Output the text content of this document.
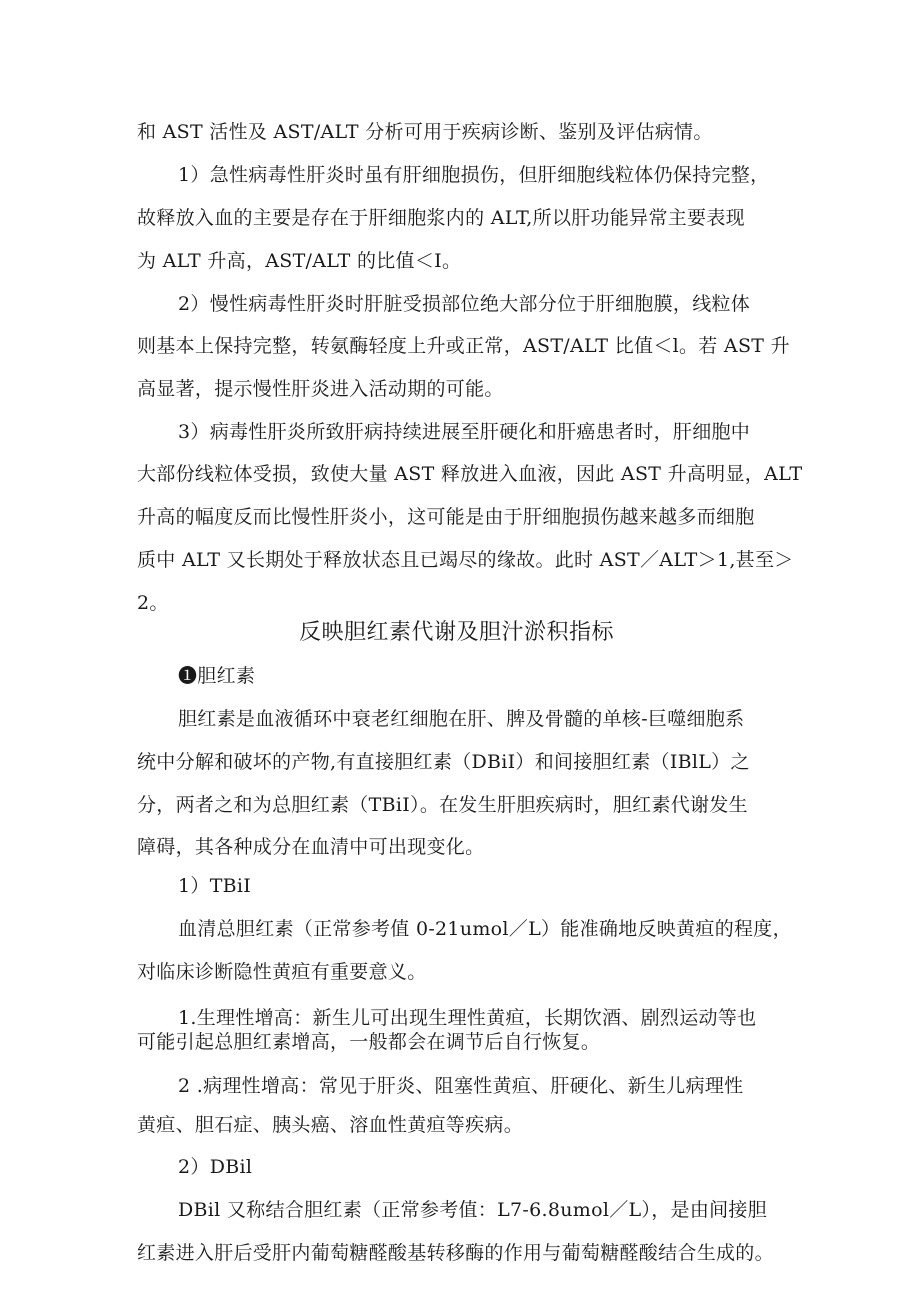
和 AST 活性及 AST/ALT 分析可用于疾病诊断、鉴别及评估病情。
1）急性病毒性肝炎时虽有肝细胞损伤，但肝细胞线粒体仍保持完整，
故释放入血的主要是存在于肝细胞浆内的 ALT,所以肝功能异常主要表现
为 ALT 升高，AST/ALT 的比值＜I。
2）慢性病毒性肝炎时肝脏受损部位绝大部分位于肝细胞膜，线粒体
则基本上保持完整，转氨酶轻度上升或正常，AST/ALT 比值＜l。若 AST 升
高显著，提示慢性肝炎进入活动期的可能。
3）病毒性肝炎所致肝病持续进展至肝硬化和肝癌患者时，肝细胞中
大部份线粒体受损，致使大量 AST 释放进入血液，因此 AST 升高明显，ALT
升高的幅度反而比慢性肝炎小，这可能是由于肝细胞损伤越来越多而细胞
质中 ALT 又长期处于释放状态且已竭尽的缘故。此时 AST／ALT＞1,甚至＞
2。
反映胆红素代谢及胆汁淤积指标
❶胆红素
胆红素是血液循环中衰老红细胞在肝、脾及骨髓的单核-巨噬细胞系
统中分解和破坏的产物,有直接胆红素（DBiI）和间接胆红素（IBlL）之
分，两者之和为总胆红素（TBiI）。在发生肝胆疾病时，胆红素代谢发生
障碍，其各种成分在血清中可出现变化。
1）TBiI
血清总胆红素（正常参考值 0-21umol／L）能准确地反映黄疸的程度，
对临床诊断隐性黄疸有重要意义。
1.生理性增高：新生儿可出现生理性黄疸，长期饮酒、剧烈运动等也
可能引起总胆红素增高，一般都会在调节后自行恢复。
2 .病理性增高：常见于肝炎、阻塞性黄疸、肝硬化、新生儿病理性
黄疸、胆石症、胰头癌、溶血性黄疸等疾病。
2）DBil
DBil 又称结合胆红素（正常参考值：L7-6.8umol／L），是由间接胆
红素进入肝后受肝内葡萄糖醛酸基转移酶的作用与葡萄糖醛酸结合生成的。
